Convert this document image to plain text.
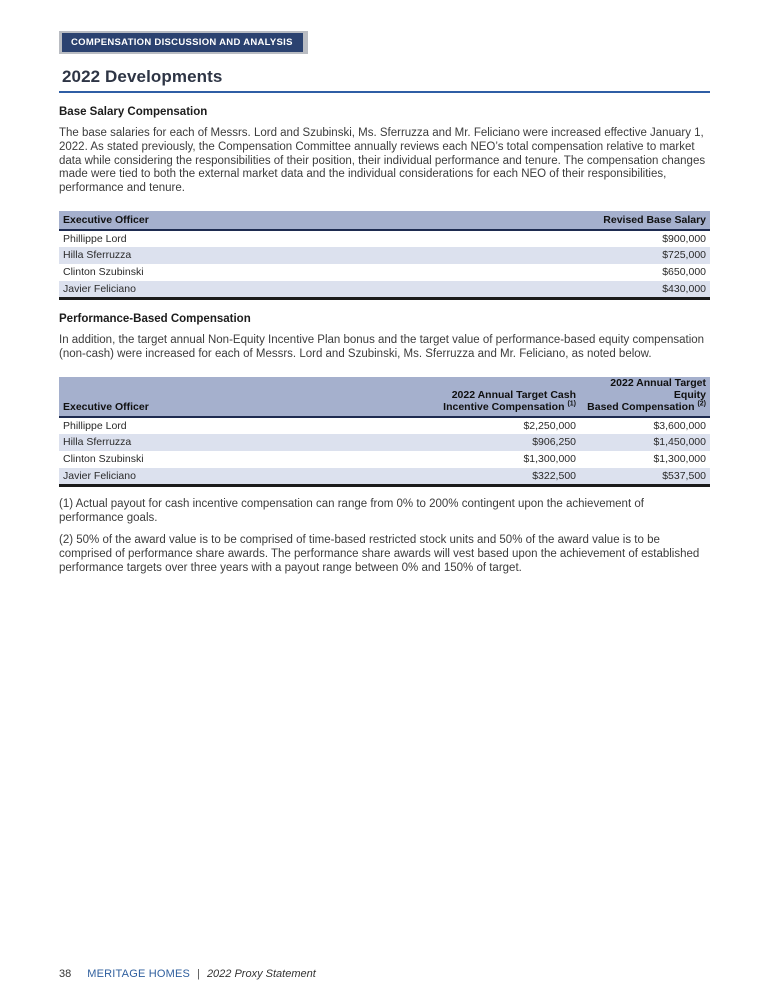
COMPENSATION DISCUSSION AND ANALYSIS
2022 Developments
Base Salary Compensation

The base salaries for each of Messrs. Lord and Szubinski, Ms. Sferruzza and Mr. Feliciano were increased effective January 1, 2022. As stated previously, the Compensation Committee annually reviews each NEO’s total compensation relative to market data while considering the responsibilities of their position, their individual performance and tenure. The compensation changes made were tied to both the external market data and the individual considerations for each NEO of their responsibilities, performance and tenure.

Executive Officer	Revised Base Salary
Phillippe Lord	$900,000
Hilla Sferruzza	$725,000
Clinton Szubinski	$650,000
Javier Feliciano	$430,000
Performance-Based Compensation

In addition, the target annual Non-Equity Incentive Plan bonus and the target value of performance-based equity compensation (non-cash) were increased for each of Messrs. Lord and Szubinski, Ms. Sferruzza and Mr. Feliciano, as noted below.

Executive Officer	2022 Annual Target Cash
Incentive Compensation $^{(1)}$	2022 Annual Target Equity
Based Compensation $^{(2)}$
Phillippe Lord	$2,250,000	$3,600,000
Hilla Sferruzza	$906,250	$1,450,000
Clinton Szubinski	$1,300,000	$1,300,000
Javier Feliciano	$322,500	$537,500

(1) Actual payout for cash incentive compensation can range from 0% to 200% contingent upon the achievement of performance goals.

(2) 50% of the award value is to be comprised of time-based restricted stock units and 50% of the award value is to be comprised of performance share awards. The performance share awards will vest based upon the achievement of established performance targets over three years with a payout range between 0% and 150% of target.

38 MERITAGE HOMES | 2022 Proxy Statement
